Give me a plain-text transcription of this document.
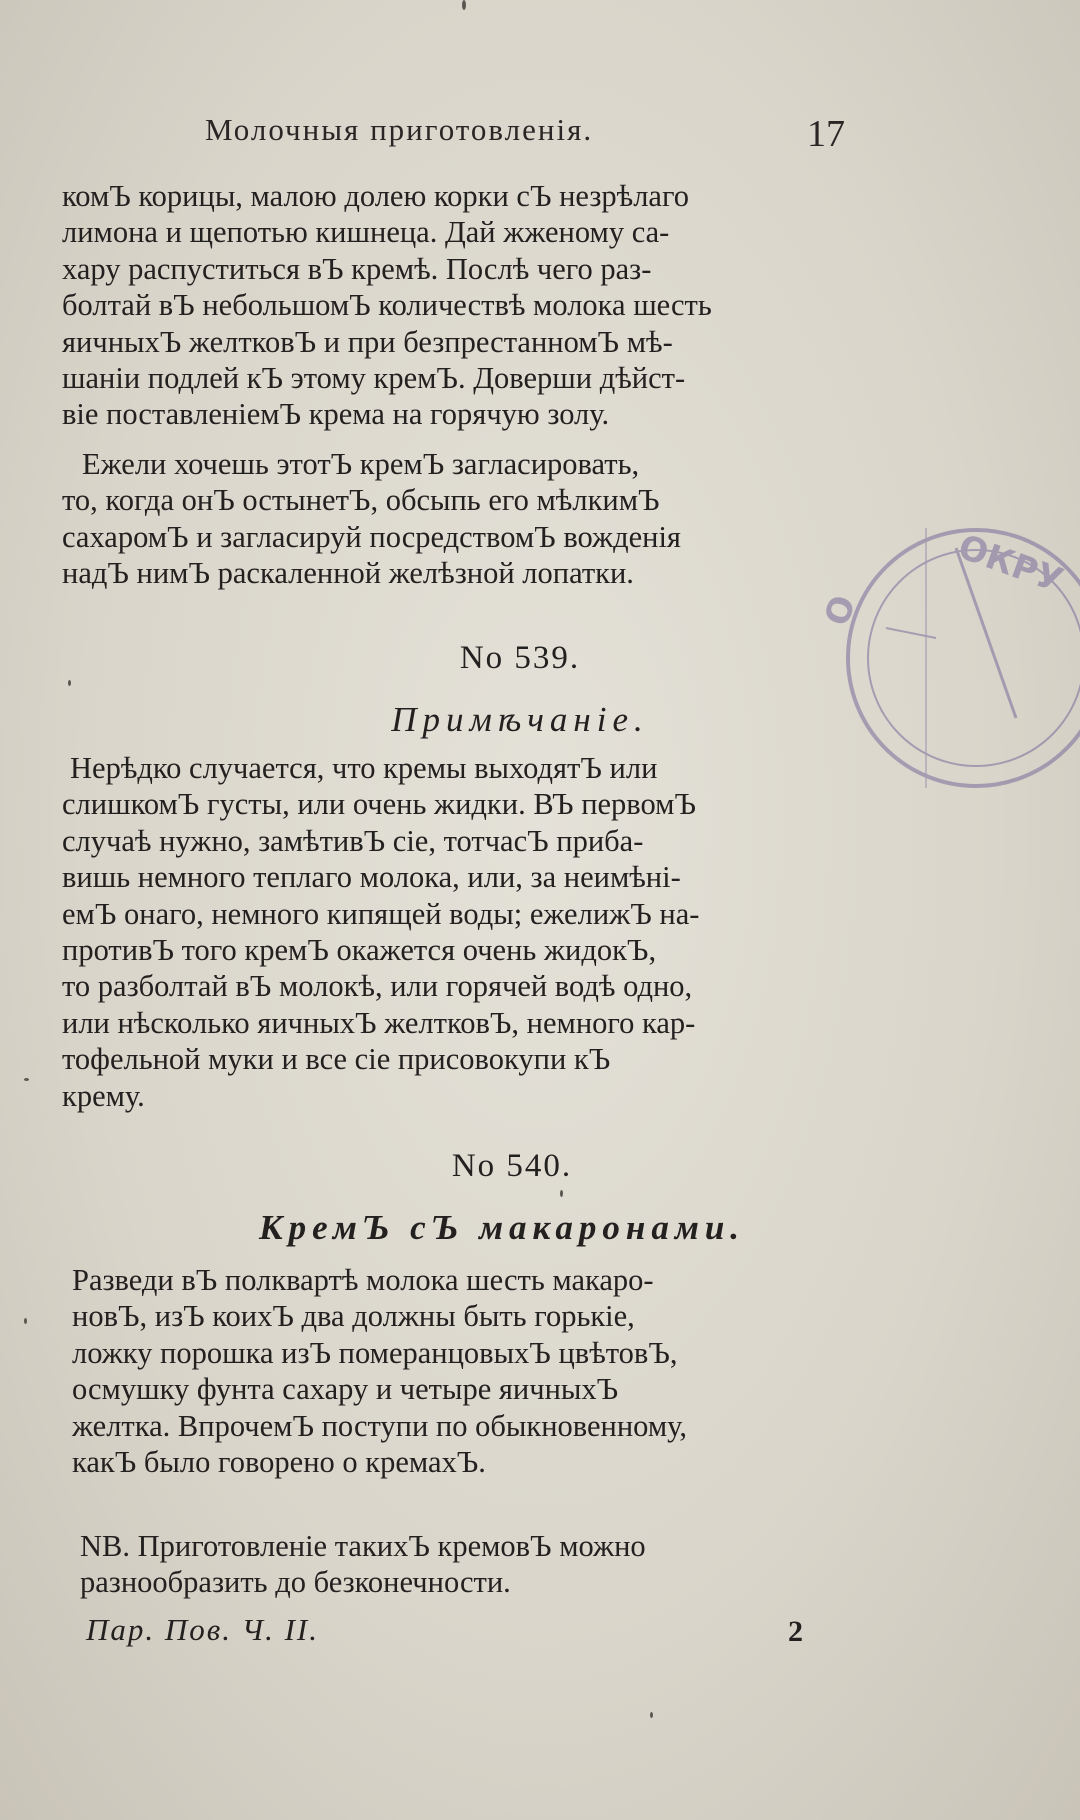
Молочныя приготовленія.	17

комЪ корицы, малою долею корки сЪ незрѣлаго
лимона и щепотью кишнеца. Дай жженому са-
хару распуститься вЪ кремѣ. Послѣ чего раз-
болтай вЪ небольшомЪ количествѣ молока шесть
яичныхЪ желтковЪ и при безпрестанномЪ мѣ-
шаніи подлей кЪ этому кремЪ. Доверши дѣйст-
віе поставленіемЪ крема на горячую золу.

Ежели хочешь этотЪ кремЪ загласировать,
то, когда онЪ остынетЪ, обсыпь его мѣлкимЪ
сахаромЪ и загласируй посредствомЪ вожденія
надЪ нимЪ раскаленной желѣзной лопатки.

No 539.
Примѣчаніе.

Нерѣдко случается, что кремы выходятЪ или
слишкомЪ густы, или очень жидки. ВЪ первомЪ
случаѣ нужно, замѣтивЪ сіе, тотчасЪ приба-
вишь немного теплаго молока, или, за неимѣні-
емЪ онаго, немного кипящей воды; ежелижЪ на-
противЪ того кремЪ окажется очень жидокЪ,
то разболтай вЪ молокѣ, или горячей водѣ одно,
или нѣсколько яичныхЪ желтковЪ, немного кар-
тофельной муки и все сіе присовокупи кЪ
крему.

No 540.
КремЪ сЪ макаронами.

Разведи вЪ полквартѣ молока шесть макаро-
новЪ, изЪ коихЪ два должны быть горькіе,
ложку порошка изЪ померанцовыхЪ цвѣтовЪ,
осмушку фунта сахару и четыре яичныхЪ
желтка. ВпрочемЪ поступи по обыкновенному,
какЪ было говорено о кремахЪ.

NB. Приготовленіе такихЪ кремовЪ можно
разнообразить до безконечности.

Пар. Пов. Ч. II.	2
ОКРУ
О
